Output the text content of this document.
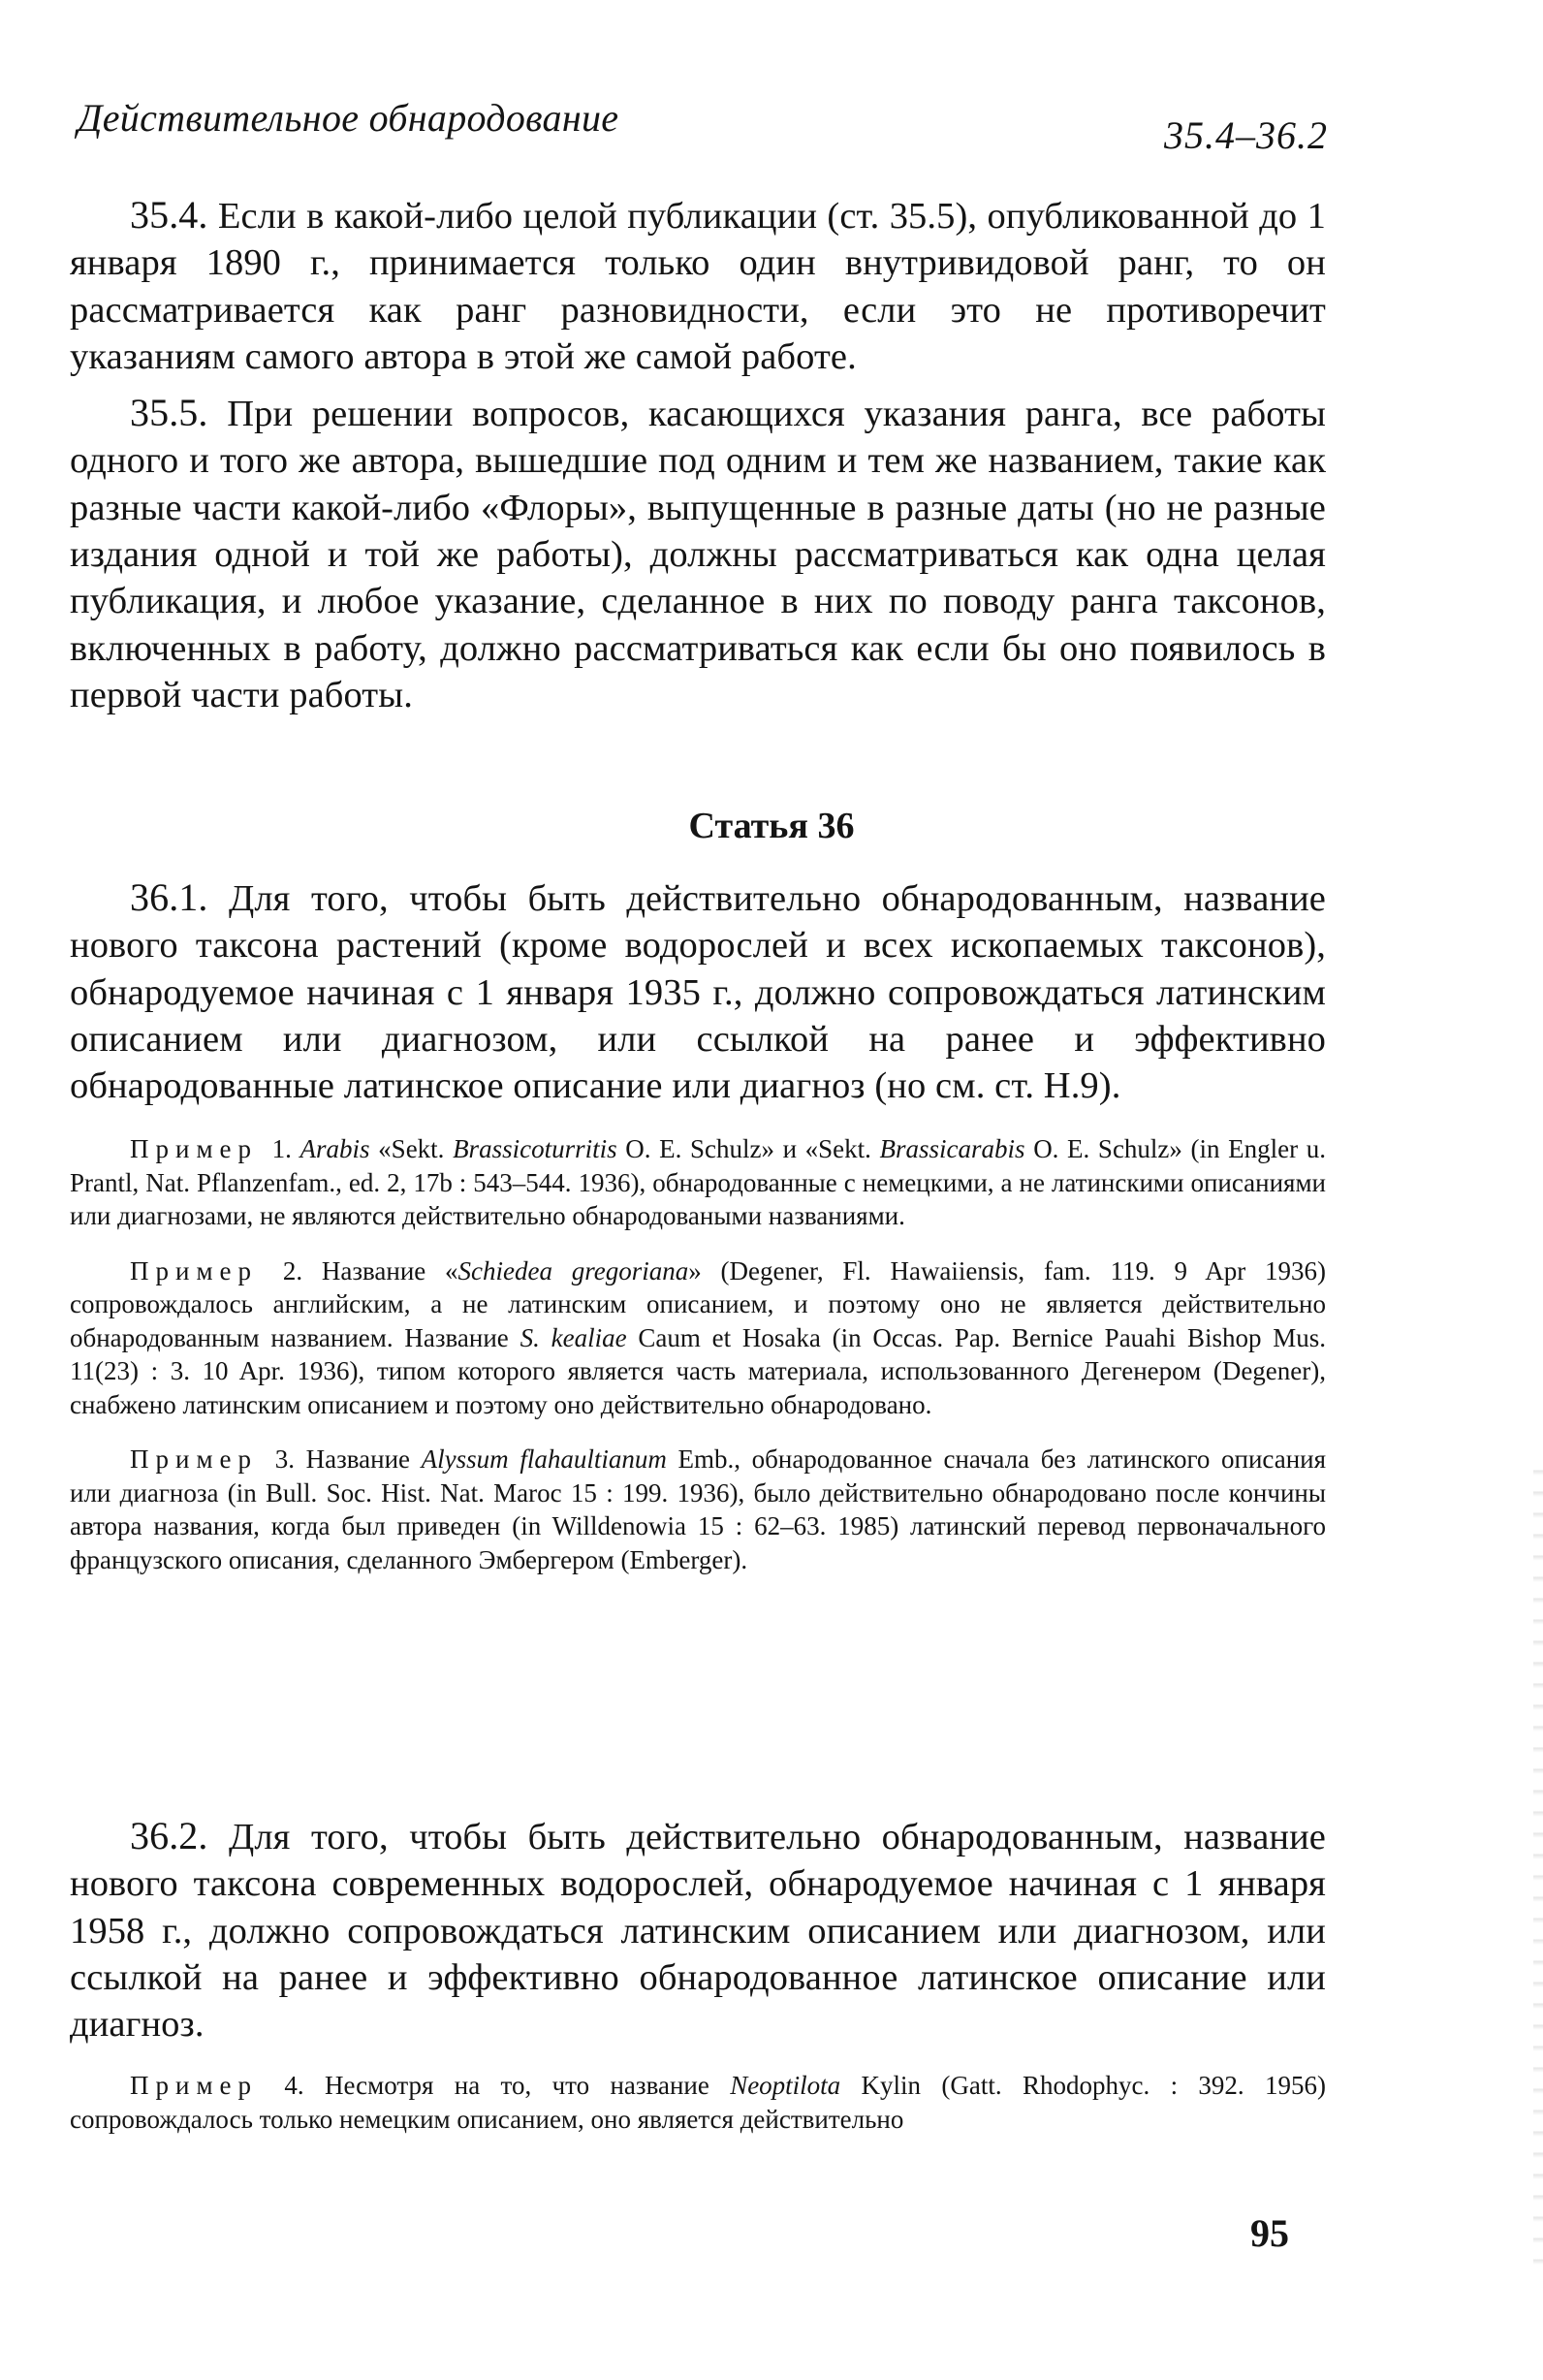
Действительное обнародование	35.4–36.2

35.4. Если в какой-либо целой публикации (ст. 35.5), опубликованной до 1 января 1890 г., принимается только один внутривидовой ранг, то он рассматривается как ранг разновидности, если это не противоречит указаниям самого автора в этой же самой работе.

35.5. При решении вопросов, касающихся указания ранга, все работы одного и того же автора, вышедшие под одним и тем же названием, такие как разные части какой-либо «Флоры», выпущенные в разные даты (но не разные издания одной и той же работы), должны рассматриваться как одна целая публикация, и любое указание, сделанное в них по поводу ранга таксонов, включенных в работу, должно рассматриваться как если бы оно появилось в первой части работы.

Статья 36

36.1. Для того, чтобы быть действительно обнародованным, название нового таксона растений (кроме водорослей и всех ископаемых таксонов), обнародуемое начиная с 1 января 1935 г., должно сопровождаться латинским описанием или диагнозом, или ссылкой на ранее и эффективно обнародованные латинское описание или диагноз (но см. ст. H.9).

Пример 1. Arabis «Sekt. Brassicoturritis O. E. Schulz» и «Sekt. Brassicarabis O. E. Schulz» (in Engler u. Prantl, Nat. Pflanzenfam., ed. 2, 17b : 543–544. 1936), обнародованные с немецкими, а не латинскими описаниями или диагнозами, не являются действительно обнародоваными названиями.

Пример 2. Название «Schiedea gregoriana» (Degener, Fl. Hawaiiensis, fam. 119. 9 Apr 1936) сопровождалось английским, а не латинским описанием, и поэтому оно не является действительно обнародованным названием. Название S. kealiae Caum et Hosaka (in Occas. Pap. Bernice Pauahi Bishop Mus. 11(23) : 3. 10 Apr. 1936), типом которого является часть материала, использованного Дегенером (Degener), снабжено латинским описанием и поэтому оно действительно обнародовано.

Пример 3. Название Alyssum flahaultianum Emb., обнародованное сначала без латинского описания или диагноза (in Bull. Soc. Hist. Nat. Maroc 15 : 199. 1936), было действительно обнародовано после кончины автора названия, когда был приведен (in Willdenowia 15 : 62–63. 1985) латинский перевод первоначального французского описания, сделанного Эмбергером (Emberger).

36.2. Для того, чтобы быть действительно обнародованным, название нового таксона современных водорослей, обнародуемое начиная с 1 января 1958 г., должно сопровождаться латинским описанием или диагнозом, или ссылкой на ранее и эффективно обнародованное латинское описание или диагноз.

Пример 4. Несмотря на то, что название Neoptilota Kylin (Gatt. Rhodophyc. : 392. 1956) сопровождалось только немецким описанием, оно является действительно

95
